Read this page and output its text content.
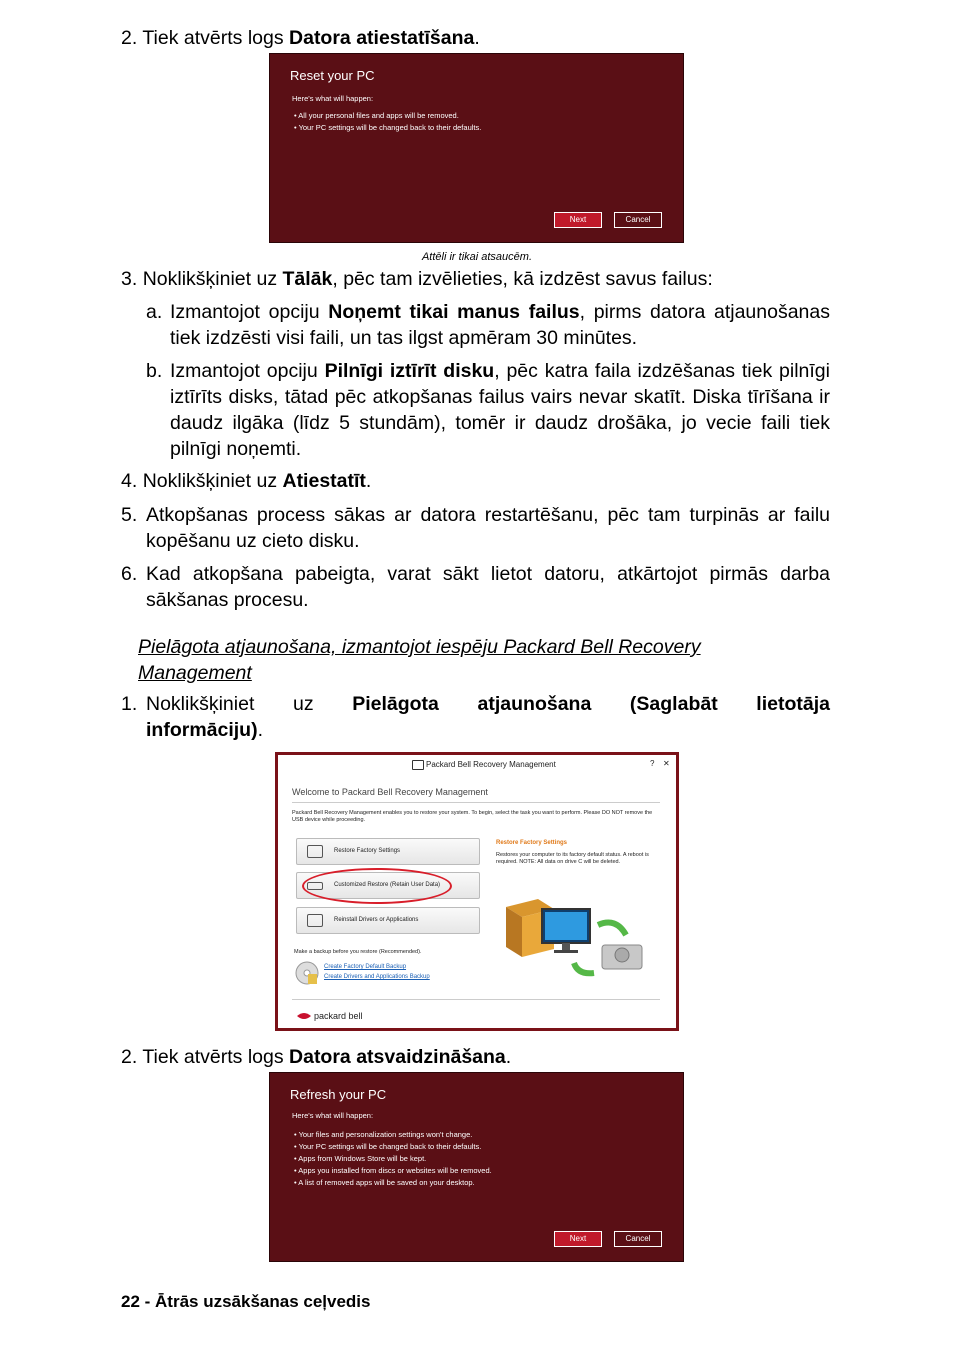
2. Tiek atvērts logs Datora atiestatīšana.
Reset your PC
Here's what will happen:
• All your personal files and apps will be removed.
• Your PC settings will be changed back to their defaults.
Next	Cancel
Attēli ir tikai atsaucēm.
3. Noklikšķiniet uz Tālāk, pēc tam izvēlieties, kā izdzēst savus failus:
a. Izmantojot opciju Noņemt tikai manus failus, pirms datora atjaunošanas tiek izdzēsti visi faili, un tas ilgst apmēram 30 minūtes.
b. Izmantojot opciju Pilnīgi iztīrīt disku, pēc katra faila izdzēšanas tiek pilnīgi iztīrīts disks, tātad pēc atkopšanas failus vairs nevar skatīt. Diska tīrīšana ir daudz ilgāka (līdz 5 stundām), tomēr ir daudz drošāka, jo vecie faili tiek pilnīgi noņemti.
4. Noklikšķiniet uz Atiestatīt.
5. Atkopšanas process sākas ar datora restartēšanu, pēc tam turpinās ar failu kopēšanu uz cieto disku.
6. Kad atkopšana pabeigta, varat sākt lietot datoru, atkārtojot pirmās darba sākšanas procesu.
Pielāgota atjaunošana, izmantojot iespēju Packard Bell Recovery
Management
1. Noklikšķiniet uz Pielāgota atjaunošana (Saglabāt lietotāja
informāciju).
Packard Bell Recovery Management	? ✕
Welcome to Packard Bell Recovery Management
Packard Bell Recovery Management enables you to restore your system. To begin, select the task you want to perform. Please DO NOT remove the USB device while proceeding.
Restore Factory Settings
Customized Restore (Retain User Data)
Reinstall Drivers or Applications
Restore Factory Settings
Restores your computer to its factory default status. A reboot is required. NOTE: All data on drive C will be deleted.
Make a backup before you restore (Recommended).
Create Factory Default Backup
Create Drivers and Applications Backup
packard bell
2. Tiek atvērts logs Datora atsvaidzināšana.
Refresh your PC
Here's what will happen:
• Your files and personalization settings won't change.
• Your PC settings will be changed back to their defaults.
• Apps from Windows Store will be kept.
• Apps you installed from discs or websites will be removed.
• A list of removed apps will be saved on your desktop.
Next	Cancel
22 - Ātrās uzsākšanas ceļvedis
